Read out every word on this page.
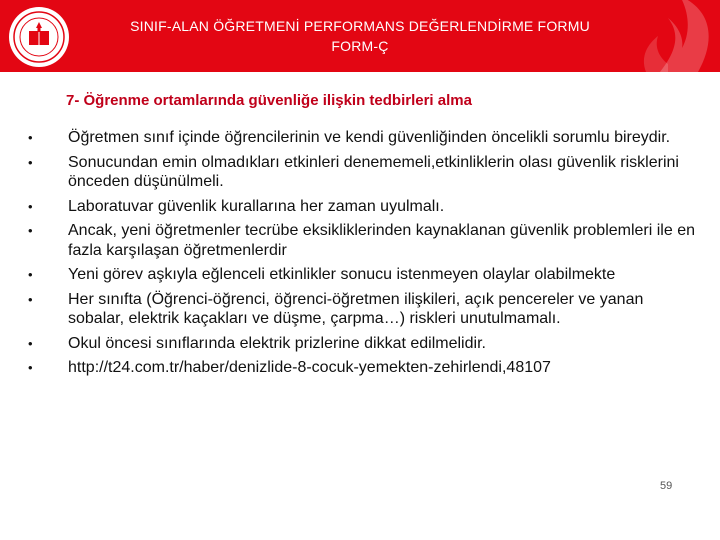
SINIF-ALAN ÖĞRETMENİ PERFORMANS DEĞERLENDİRME FORMU
FORM-Ç
7- Öğrenme ortamlarında güvenliğe ilişkin tedbirleri alma
•	Öğretmen sınıf içinde öğrencilerinin ve kendi güvenliğinden öncelikli sorumlu bireydir.
•	Sonucundan emin olmadıkları etkinleri denememeli,etkinliklerin olası güvenlik risklerini önceden düşünülmeli.
•	Laboratuvar güvenlik kurallarına her zaman uyulmalı.
•	Ancak, yeni öğretmenler tecrübe eksikliklerinden kaynaklanan güvenlik problemleri ile en fazla karşılaşan öğretmenlerdir
•	Yeni görev aşkıyla eğlenceli etkinlikler sonucu istenmeyen olaylar olabilmekte
•	Her sınıfta (Öğrenci-öğrenci, öğrenci-öğretmen ilişkileri, açık pencereler ve yanan sobalar, elektrik kaçakları ve düşme, çarpma…) riskleri unutulmamalı.
•	Okul öncesi sınıflarında elektrik prizlerine dikkat edilmelidir.
•	http://t24.com.tr/haber/denizlide-8-cocuk-yemekten-zehirlendi,48107
59
